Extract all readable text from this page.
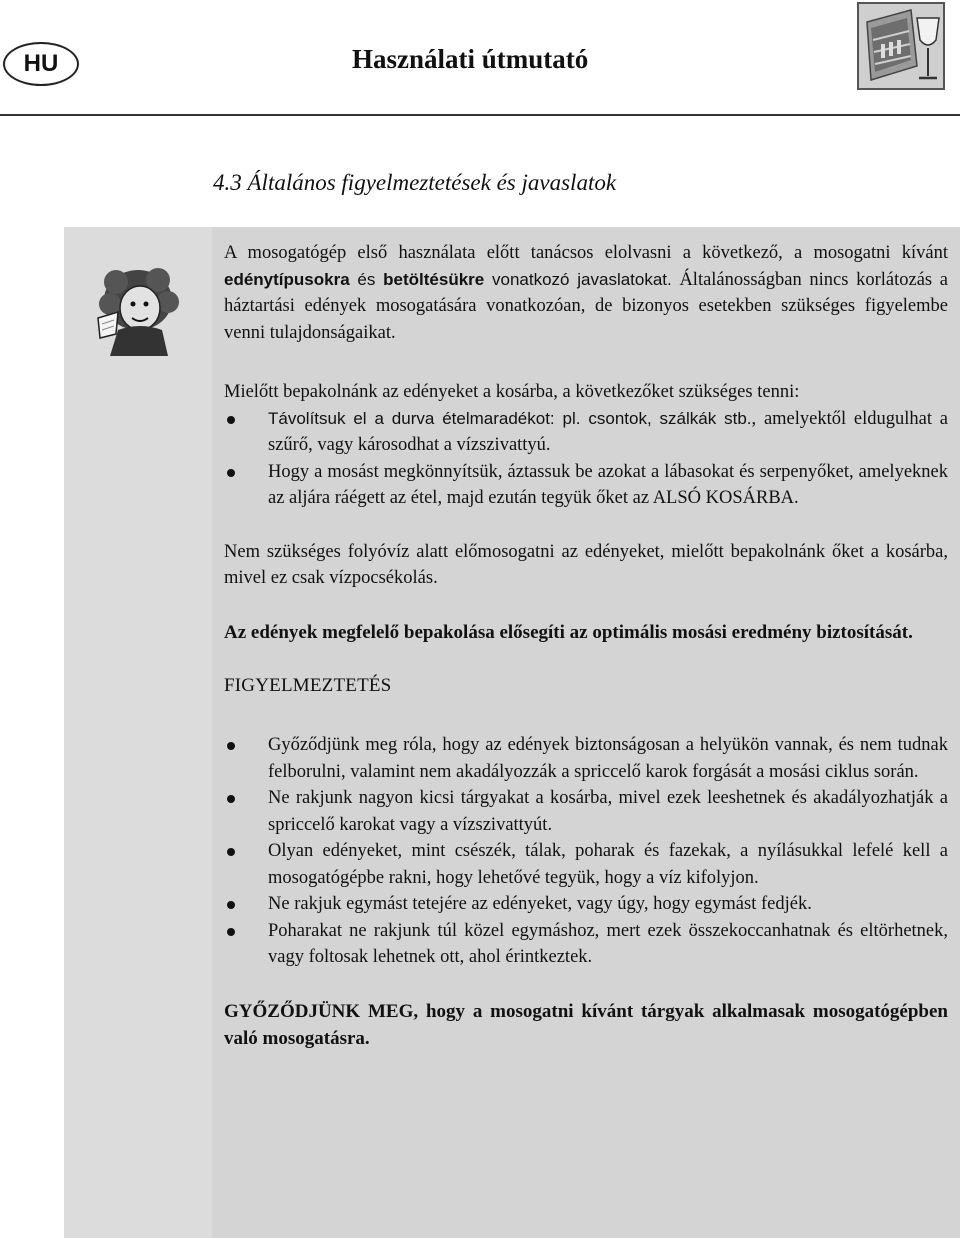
HU	Használati útmutató
4.3 Általános figyelmeztetések és javaslatok

A mosogatógép első használata előtt tanácsos elolvasni a következő, a mosogatni kívánt edénytípusokra és betöltésükre vonatkozó javaslatokat. Általánosságban nincs korlátozás a háztartási edények mosogatására vonatkozóan, de bizonyos esetekben szükséges figyelembe venni tulajdonságaikat.

Mielőtt bepakolnánk az edényeket a kosárba, a következőket szükséges tenni:

Távolítsuk el a durva ételmaradékot: pl. csontok, szálkák stb., amelyektől eldugulhat a szűrő, vagy károsodhat a vízszivattyú.
Hogy a mosást megkönnyítsük, áztassuk be azokat a lábasokat és serpenyőket, amelyeknek az aljára ráégett az étel, majd ezután tegyük őket az ALSÓ KOSÁRBA.

Nem szükséges folyóvíz alatt előmosogatni az edényeket, mielőtt bepakolnánk őket a kosárba, mivel ez csak vízpocsékolás.

Az edények megfelelő bepakolása elősegíti az optimális mosási eredmény biztosítását.

FIGYELMEZTETÉS

Győződjünk meg róla, hogy az edények biztonságosan a helyükön vannak, és nem tudnak felborulni, valamint nem akadályozzák a spriccelő karok forgását a mosási ciklus során.
Ne rakjunk nagyon kicsi tárgyakat a kosárba, mivel ezek leeshetnek és akadályozhatják a spriccelő karokat vagy a vízszivattyút.
Olyan edényeket, mint csészék, tálak, poharak és fazekak, a nyílásukkal lefelé kell a mosogatógépbe rakni, hogy lehetővé tegyük, hogy a víz kifolyjon.
Ne rakjuk egymást tetejére az edényeket, vagy úgy, hogy egymást fedjék.
Poharakat ne rakjunk túl közel egymáshoz, mert ezek összekoccanhatnak és eltörhetnek, vagy foltosak lehetnek ott, ahol érintkeztek.

GYŐZŐDJÜNK MEG, hogy a mosogatni kívánt tárgyak alkalmasak mosogatógépben való mosogatásra.
